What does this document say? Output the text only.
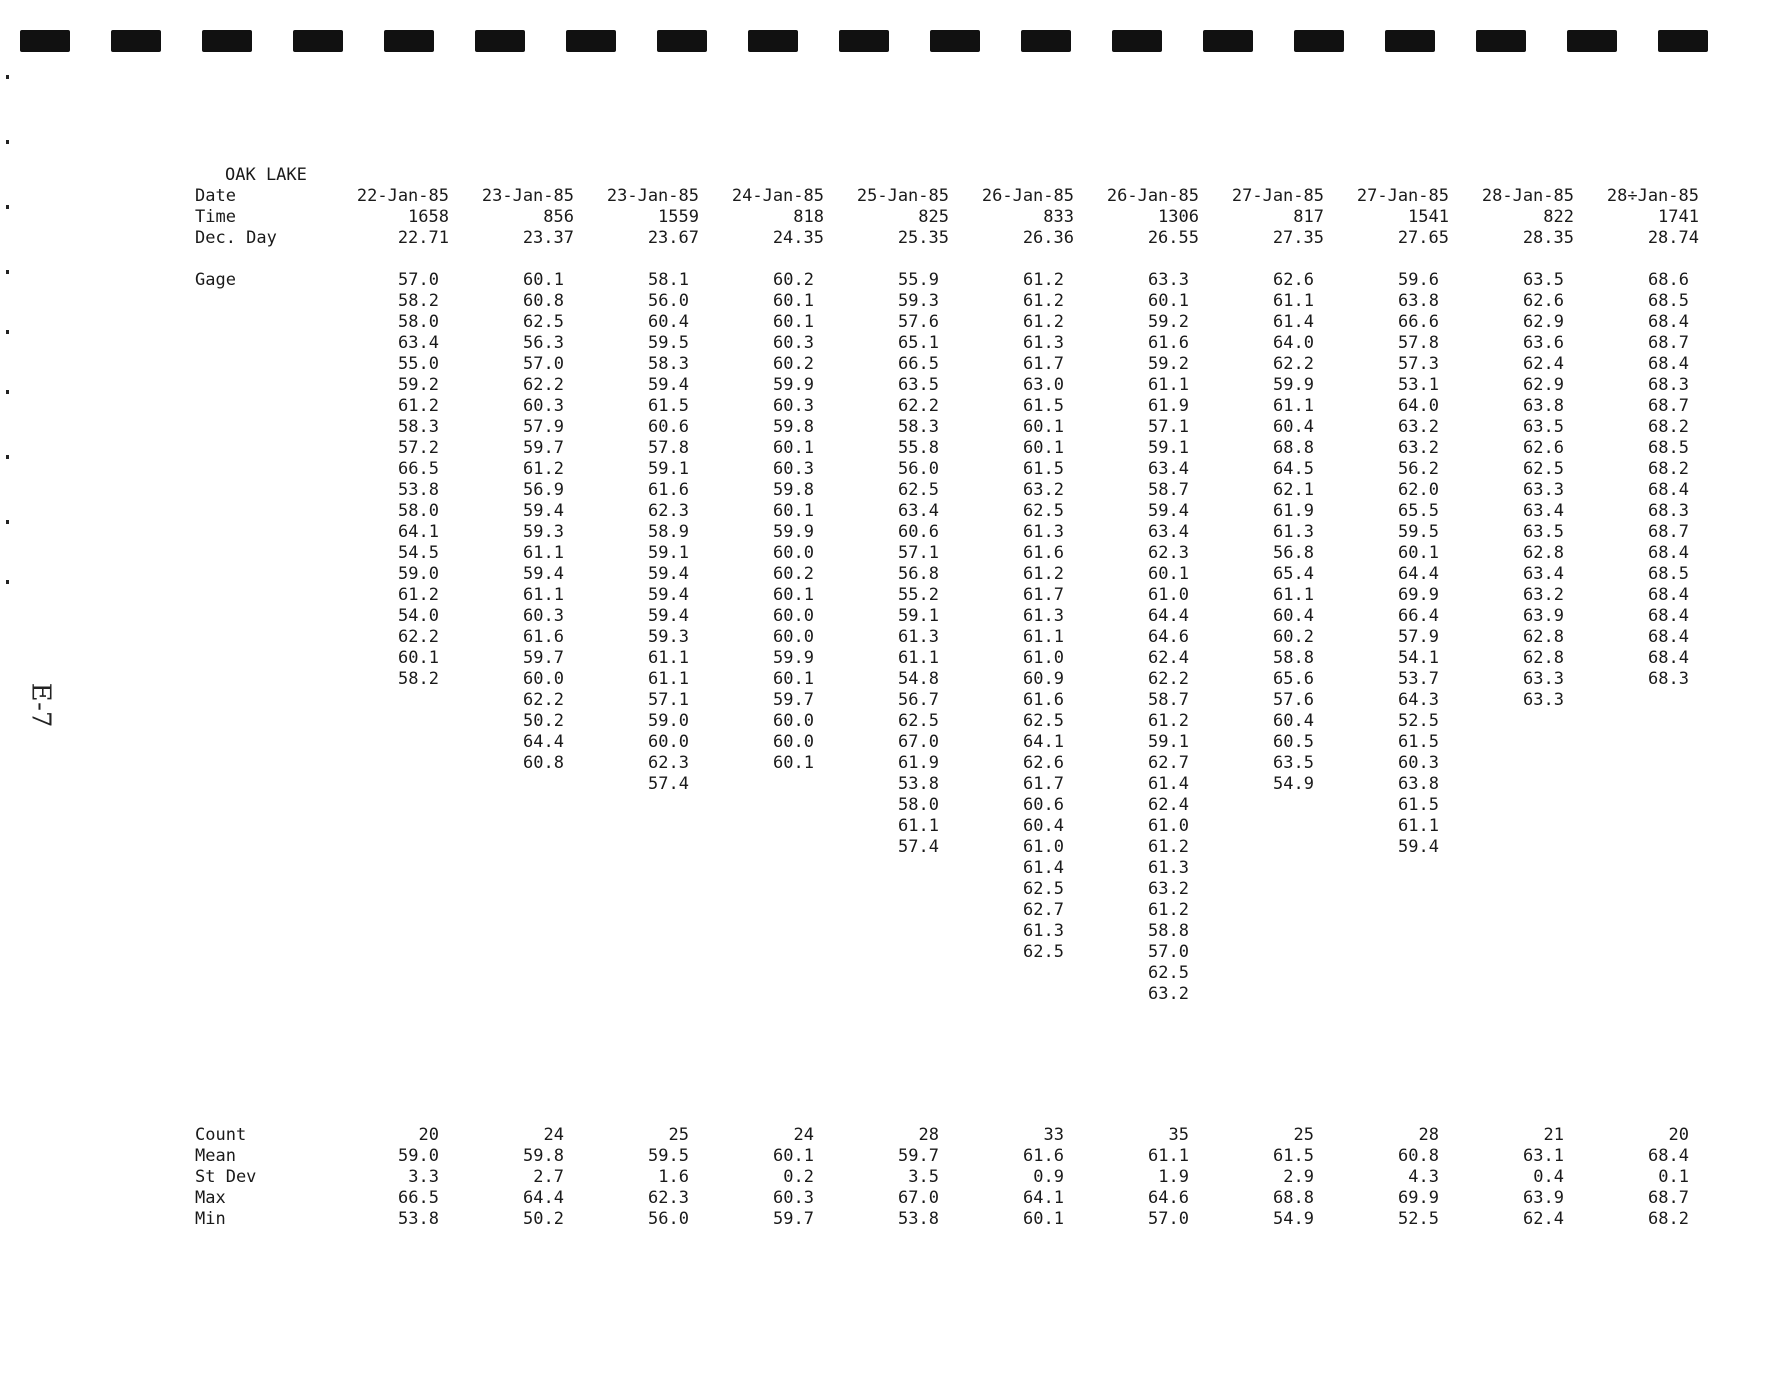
E-7
OAK LAKE
Date
Time
Dec. Day
Gage
Count
Mean
St Dev
Max
Min
22-Jan-85
1658
22.71
57.0
58.2
58.0
63.4
55.0
59.2
61.2
58.3
57.2
66.5
53.8
58.0
64.1
54.5
59.0
61.2
54.0
62.2
60.1
58.2
20
59.0
3.3
66.5
53.8
23-Jan-85
856
23.37
60.1
60.8
62.5
56.3
57.0
62.2
60.3
57.9
59.7
61.2
56.9
59.4
59.3
61.1
59.4
61.1
60.3
61.6
59.7
60.0
62.2
50.2
64.4
60.8
24
59.8
2.7
64.4
50.2
23-Jan-85
1559
23.67
58.1
56.0
60.4
59.5
58.3
59.4
61.5
60.6
57.8
59.1
61.6
62.3
58.9
59.1
59.4
59.4
59.4
59.3
61.1
61.1
57.1
59.0
60.0
62.3
57.4
25
59.5
1.6
62.3
56.0
24-Jan-85
818
24.35
60.2
60.1
60.1
60.3
60.2
59.9
60.3
59.8
60.1
60.3
59.8
60.1
59.9
60.0
60.2
60.1
60.0
60.0
59.9
60.1
59.7
60.0
60.0
60.1
24
60.1
0.2
60.3
59.7
25-Jan-85
825
25.35
55.9
59.3
57.6
65.1
66.5
63.5
62.2
58.3
55.8
56.0
62.5
63.4
60.6
57.1
56.8
55.2
59.1
61.3
61.1
54.8
56.7
62.5
67.0
61.9
53.8
58.0
61.1
57.4
28
59.7
3.5
67.0
53.8
26-Jan-85
833
26.36
61.2
61.2
61.2
61.3
61.7
63.0
61.5
60.1
60.1
61.5
63.2
62.5
61.3
61.6
61.2
61.7
61.3
61.1
61.0
60.9
61.6
62.5
64.1
62.6
61.7
60.6
60.4
61.0
61.4
62.5
62.7
61.3
62.5
33
61.6
0.9
64.1
60.1
26-Jan-85
1306
26.55
63.3
60.1
59.2
61.6
59.2
61.1
61.9
57.1
59.1
63.4
58.7
59.4
63.4
62.3
60.1
61.0
64.4
64.6
62.4
62.2
58.7
61.2
59.1
62.7
61.4
62.4
61.0
61.2
61.3
63.2
61.2
58.8
57.0
62.5
63.2
35
61.1
1.9
64.6
57.0
27-Jan-85
817
27.35
62.6
61.1
61.4
64.0
62.2
59.9
61.1
60.4
68.8
64.5
62.1
61.9
61.3
56.8
65.4
61.1
60.4
60.2
58.8
65.6
57.6
60.4
60.5
63.5
54.9
25
61.5
2.9
68.8
54.9
27-Jan-85
1541
27.65
59.6
63.8
66.6
57.8
57.3
53.1
64.0
63.2
63.2
56.2
62.0
65.5
59.5
60.1
64.4
69.9
66.4
57.9
54.1
53.7
64.3
52.5
61.5
60.3
63.8
61.5
61.1
59.4
28
60.8
4.3
69.9
52.5
28-Jan-85
822
28.35
63.5
62.6
62.9
63.6
62.4
62.9
63.8
63.5
62.6
62.5
63.3
63.4
63.5
62.8
63.4
63.2
63.9
62.8
62.8
63.3
63.3
21
63.1
0.4
63.9
62.4
28÷Jan-85
1741
28.74
68.6
68.5
68.4
68.7
68.4
68.3
68.7
68.2
68.5
68.2
68.4
68.3
68.7
68.4
68.5
68.4
68.4
68.4
68.4
68.3
20
68.4
0.1
68.7
68.2
